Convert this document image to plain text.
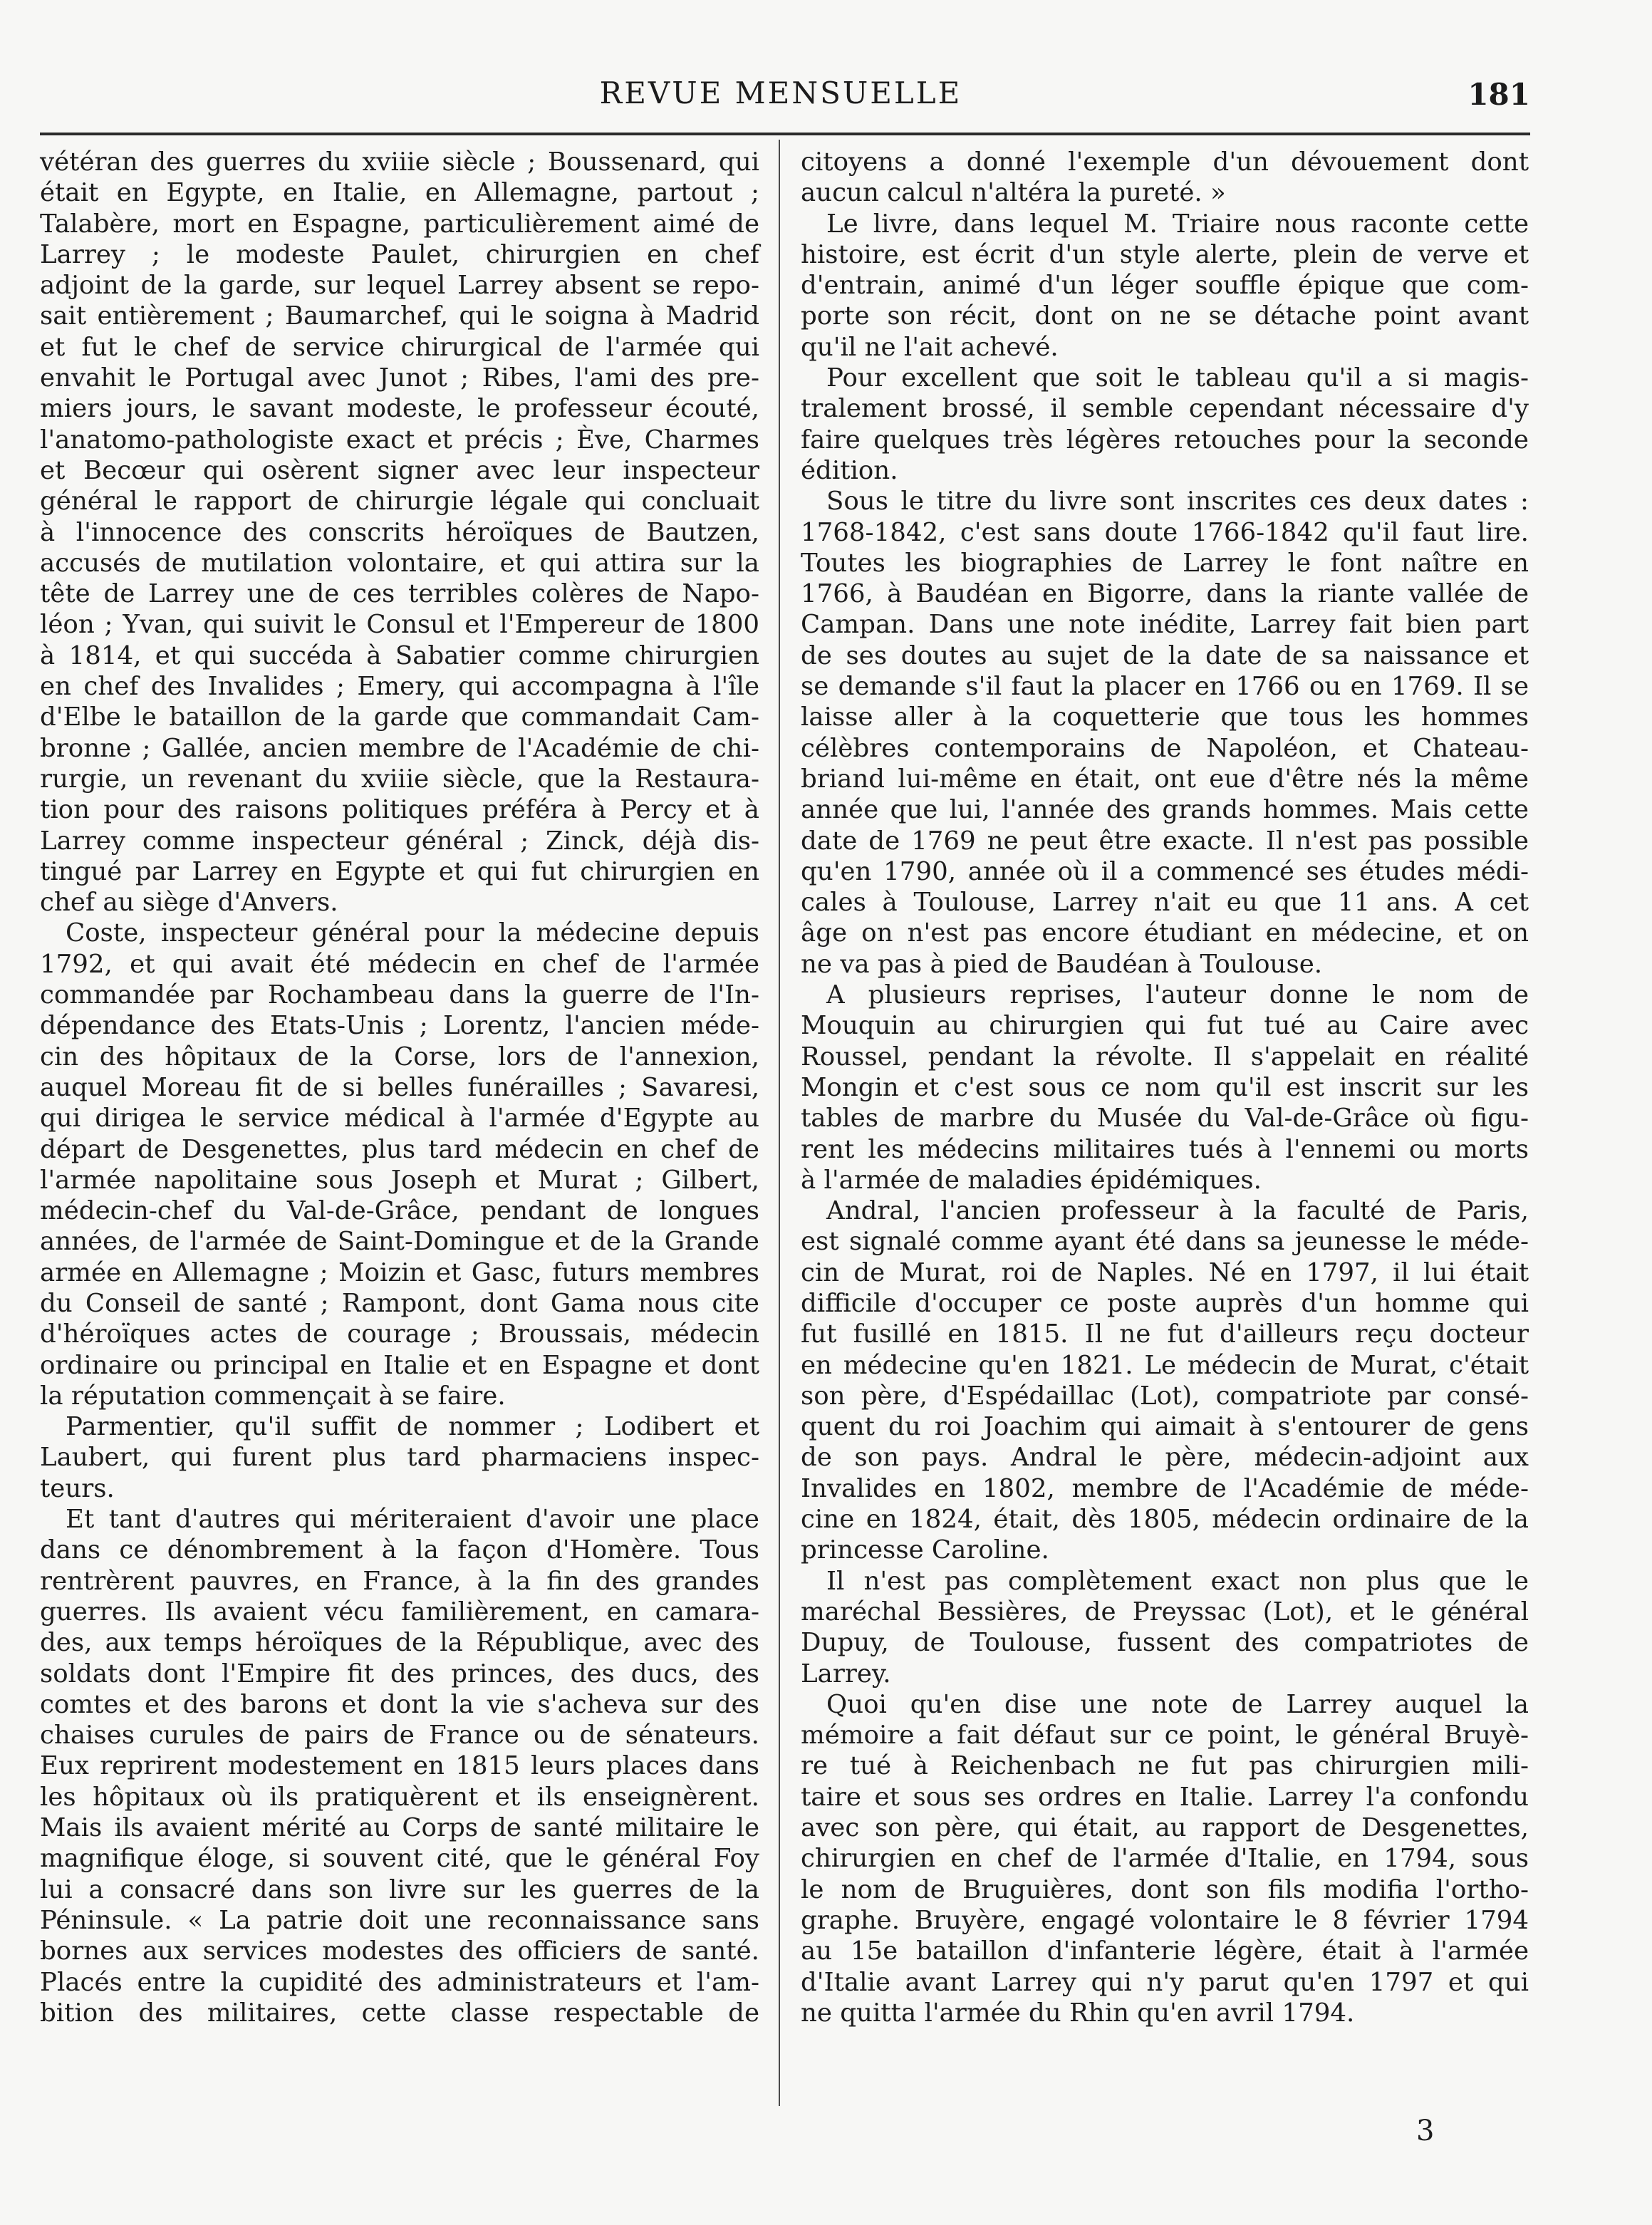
REVUE MENSUELLE	181
vétéran des guerres du xviiie siècle ; Boussenard, qui
était en Egypte, en Italie, en Allemagne, partout ;
Talabère, mort en Espagne, particulièrement aimé de
Larrey ; le modeste Paulet, chirurgien en chef
adjoint de la garde, sur lequel Larrey absent se repo-
sait entièrement ; Baumarchef, qui le soigna à Madrid
et fut le chef de service chirurgical de l'armée qui
envahit le Portugal avec Junot ; Ribes, l'ami des pre-
miers jours, le savant modeste, le professeur écouté,
l'anatomo-pathologiste exact et précis ; Ève, Charmes
et Becœur qui osèrent signer avec leur inspecteur
général le rapport de chirurgie légale qui concluait
à l'innocence des conscrits héroïques de Bautzen,
accusés de mutilation volontaire, et qui attira sur la
tête de Larrey une de ces terribles colères de Napo-
léon ; Yvan, qui suivit le Consul et l'Empereur de 1800
à 1814, et qui succéda à Sabatier comme chirurgien
en chef des Invalides ; Emery, qui accompagna à l'île
d'Elbe le bataillon de la garde que commandait Cam-
bronne ; Gallée, ancien membre de l'Académie de chi-
rurgie, un revenant du xviiie siècle, que la Restaura-
tion pour des raisons politiques préféra à Percy et à
Larrey comme inspecteur général ; Zinck, déjà dis-
tingué par Larrey en Egypte et qui fut chirurgien en
chef au siège d'Anvers.
Coste, inspecteur général pour la médecine depuis
1792, et qui avait été médecin en chef de l'armée
commandée par Rochambeau dans la guerre de l'In-
dépendance des Etats-Unis ; Lorentz, l'ancien méde-
cin des hôpitaux de la Corse, lors de l'annexion,
auquel Moreau fit de si belles funérailles ; Savaresi,
qui dirigea le service médical à l'armée d'Egypte au
départ de Desgenettes, plus tard médecin en chef de
l'armée napolitaine sous Joseph et Murat ; Gilbert,
médecin-chef du Val-de-Grâce, pendant de longues
années, de l'armée de Saint-Domingue et de la Grande
armée en Allemagne ; Moizin et Gasc, futurs membres
du Conseil de santé ; Rampont, dont Gama nous cite
d'héroïques actes de courage ; Broussais, médecin
ordinaire ou principal en Italie et en Espagne et dont
la réputation commençait à se faire.
Parmentier, qu'il suffit de nommer ; Lodibert et
Laubert, qui furent plus tard pharmaciens inspec-
teurs.
Et tant d'autres qui mériteraient d'avoir une place
dans ce dénombrement à la façon d'Homère. Tous
rentrèrent pauvres, en France, à la fin des grandes
guerres. Ils avaient vécu familièrement, en camara-
des, aux temps héroïques de la République, avec des
soldats dont l'Empire fit des princes, des ducs, des
comtes et des barons et dont la vie s'acheva sur des
chaises curules de pairs de France ou de sénateurs.
Eux reprirent modestement en 1815 leurs places dans
les hôpitaux où ils pratiquèrent et ils enseignèrent.
Mais ils avaient mérité au Corps de santé militaire le
magnifique éloge, si souvent cité, que le général Foy
lui a consacré dans son livre sur les guerres de la
Péninsule. « La patrie doit une reconnaissance sans
bornes aux services modestes des officiers de santé.
Placés entre la cupidité des administrateurs et l'am-
bition des militaires, cette classe respectable de
citoyens a donné l'exemple d'un dévouement dont
aucun calcul n'altéra la pureté. »
Le livre, dans lequel M. Triaire nous raconte cette
histoire, est écrit d'un style alerte, plein de verve et
d'entrain, animé d'un léger souffle épique que com-
porte son récit, dont on ne se détache point avant
qu'il ne l'ait achevé.
Pour excellent que soit le tableau qu'il a si magis-
tralement brossé, il semble cependant nécessaire d'y
faire quelques très légères retouches pour la seconde
édition.
Sous le titre du livre sont inscrites ces deux dates :
1768-1842, c'est sans doute 1766-1842 qu'il faut lire.
Toutes les biographies de Larrey le font naître en
1766, à Baudéan en Bigorre, dans la riante vallée de
Campan. Dans une note inédite, Larrey fait bien part
de ses doutes au sujet de la date de sa naissance et
se demande s'il faut la placer en 1766 ou en 1769. Il se
laisse aller à la coquetterie que tous les hommes
célèbres contemporains de Napoléon, et Chateau-
briand lui-même en était, ont eue d'être nés la même
année que lui, l'année des grands hommes. Mais cette
date de 1769 ne peut être exacte. Il n'est pas possible
qu'en 1790, année où il a commencé ses études médi-
cales à Toulouse, Larrey n'ait eu que 11 ans. A cet
âge on n'est pas encore étudiant en médecine, et on
ne va pas à pied de Baudéan à Toulouse.
A plusieurs reprises, l'auteur donne le nom de
Mouquin au chirurgien qui fut tué au Caire avec
Roussel, pendant la révolte. Il s'appelait en réalité
Mongin et c'est sous ce nom qu'il est inscrit sur les
tables de marbre du Musée du Val-de-Grâce où figu-
rent les médecins militaires tués à l'ennemi ou morts
à l'armée de maladies épidémiques.
Andral, l'ancien professeur à la faculté de Paris,
est signalé comme ayant été dans sa jeunesse le méde-
cin de Murat, roi de Naples. Né en 1797, il lui était
difficile d'occuper ce poste auprès d'un homme qui
fut fusillé en 1815. Il ne fut d'ailleurs reçu docteur
en médecine qu'en 1821. Le médecin de Murat, c'était
son père, d'Espédaillac (Lot), compatriote par consé-
quent du roi Joachim qui aimait à s'entourer de gens
de son pays. Andral le père, médecin-adjoint aux
Invalides en 1802, membre de l'Académie de méde-
cine en 1824, était, dès 1805, médecin ordinaire de la
princesse Caroline.
Il n'est pas complètement exact non plus que le
maréchal Bessières, de Preyssac (Lot), et le général
Dupuy, de Toulouse, fussent des compatriotes de
Larrey.
Quoi qu'en dise une note de Larrey auquel la
mémoire a fait défaut sur ce point, le général Bruyè-
re tué à Reichenbach ne fut pas chirurgien mili-
taire et sous ses ordres en Italie. Larrey l'a confondu
avec son père, qui était, au rapport de Desgenettes,
chirurgien en chef de l'armée d'Italie, en 1794, sous
le nom de Bruguières, dont son fils modifia l'ortho-
graphe. Bruyère, engagé volontaire le 8 février 1794
au 15e bataillon d'infanterie légère, était à l'armée
d'Italie avant Larrey qui n'y parut qu'en 1797 et qui
ne quitta l'armée du Rhin qu'en avril 1794.
3
